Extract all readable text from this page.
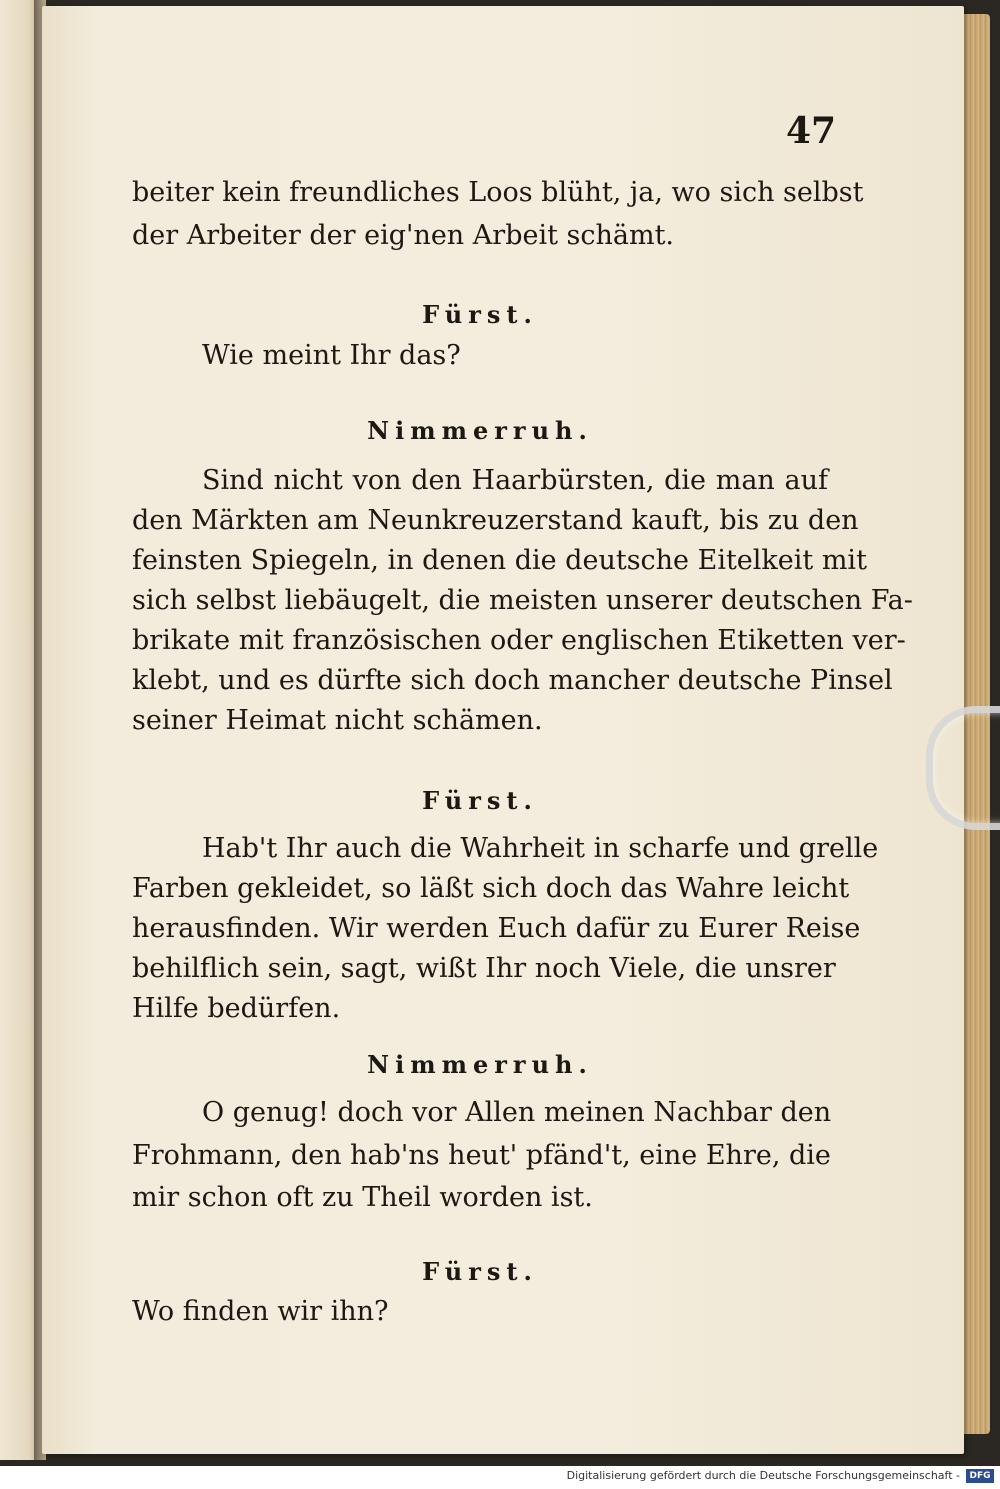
47
beiter kein freundliches Loos blüht, ja, wo sich selbst
der Arbeiter der eig'nen Arbeit schämt.
Fürst.
Wie meint Ihr das?
Nimmerruh.
Sind nicht von den Haarbürsten, die man auf
den Märkten am Neunkreuzerstand kauft, bis zu den
feinsten Spiegeln, in denen die deutsche Eitelkeit mit
sich selbst liebäugelt, die meisten unserer deutschen Fa-
brikate mit französischen oder englischen Etiketten ver-
klebt, und es dürfte sich doch mancher deutsche Pinsel
seiner Heimat nicht schämen.
Fürst.
Hab't Ihr auch die Wahrheit in scharfe und grelle
Farben gekleidet, so läßt sich doch das Wahre leicht
herausfinden. Wir werden Euch dafür zu Eurer Reise
behilflich sein, sagt, wißt Ihr noch Viele, die unsrer
Hilfe bedürfen.
Nimmerruh.
O genug! doch vor Allen meinen Nachbar den
Frohmann, den hab'ns heut' pfänd't, eine Ehre, die
mir schon oft zu Theil worden ist.
Fürst.
Wo finden wir ihn?
Digitalisierung gefördert durch die Deutsche Forschungsgemeinschaft -	DFG
